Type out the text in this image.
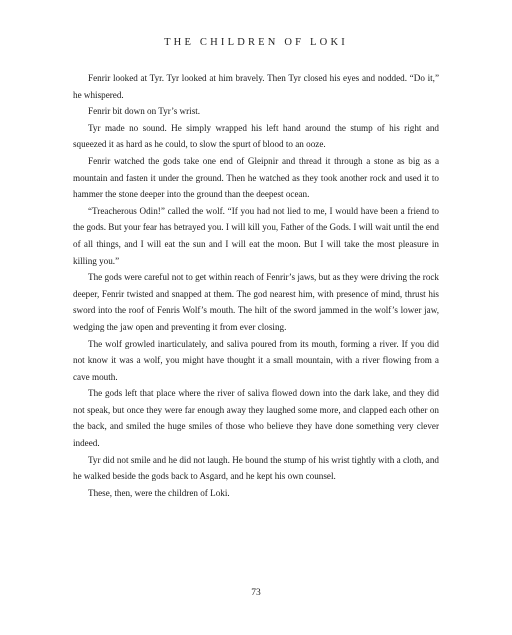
THE CHILDREN OF LOKI

Fenrir looked at Tyr. Tyr looked at him bravely. Then Tyr closed his eyes and nodded. “Do it,” he whispered.

Fenrir bit down on Tyr’s wrist.

Tyr made no sound. He simply wrapped his left hand around the stump of his right and squeezed it as hard as he could, to slow the spurt of blood to an ooze.

Fenrir watched the gods take one end of Gleipnir and thread it through a stone as big as a mountain and fasten it under the ground. Then he watched as they took another rock and used it to hammer the stone deeper into the ground than the deepest ocean.

“Treacherous Odin!” called the wolf. “If you had not lied to me, I would have been a friend to the gods. But your fear has betrayed you. I will kill you, Father of the Gods. I will wait until the end of all things, and I will eat the sun and I will eat the moon. But I will take the most pleasure in killing you.”

The gods were careful not to get within reach of Fenrir’s jaws, but as they were driving the rock deeper, Fenrir twisted and snapped at them. The god nearest him, with presence of mind, thrust his sword into the roof of Fenris Wolf’s mouth. The hilt of the sword jammed in the wolf’s lower jaw, wedging the jaw open and preventing it from ever closing.

The wolf growled inarticulately, and saliva poured from its mouth, forming a river. If you did not know it was a wolf, you might have thought it a small mountain, with a river flowing from a cave mouth.

The gods left that place where the river of saliva flowed down into the dark lake, and they did not speak, but once they were far enough away they laughed some more, and clapped each other on the back, and smiled the huge smiles of those who believe they have done something very clever indeed.

Tyr did not smile and he did not laugh. He bound the stump of his wrist tightly with a cloth, and he walked beside the gods back to Asgard, and he kept his own counsel.

These, then, were the children of Loki.

73
